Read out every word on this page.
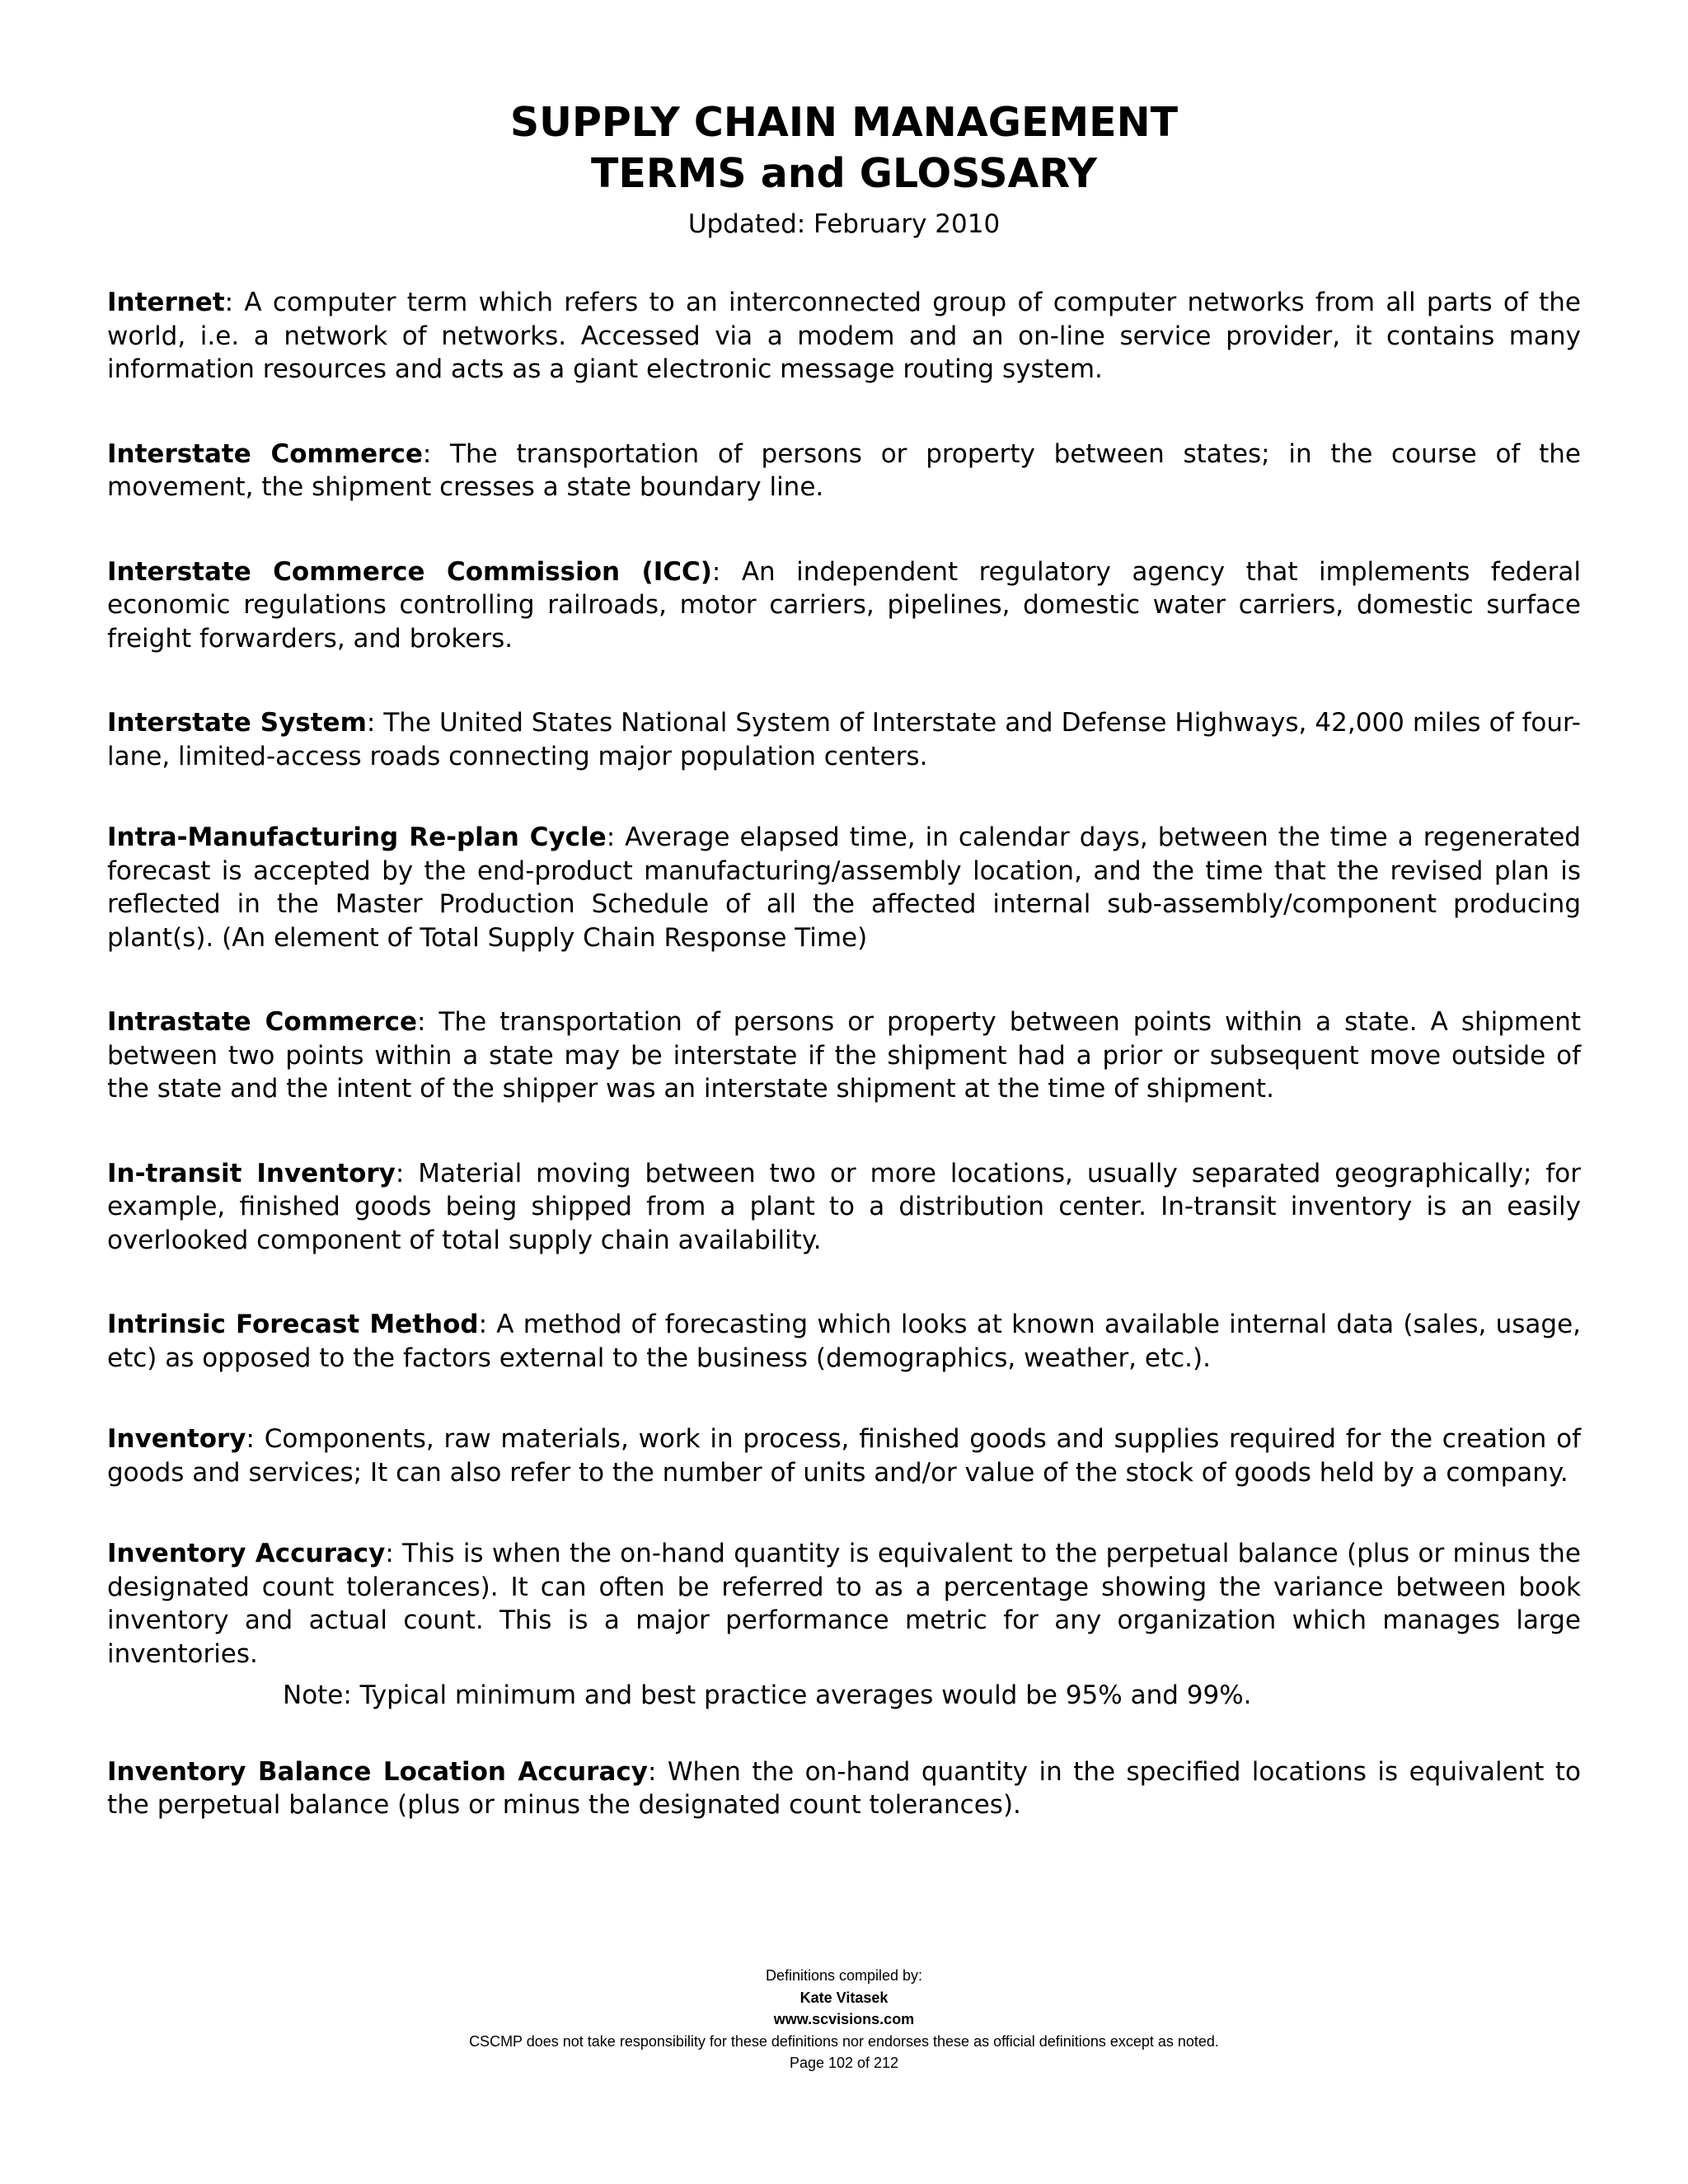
SUPPLY CHAIN MANAGEMENT
TERMS and GLOSSARY
Updated: February 2010

Internet: A computer term which refers to an interconnected group of computer networks from all parts of the world, i.e. a network of networks. Accessed via a modem and an on-line service provider, it contains many information resources and acts as a giant electronic message routing system.

Interstate Commerce: The transportation of persons or property between states; in the course of the movement, the shipment cresses a state boundary line.

Interstate Commerce Commission (ICC): An independent regulatory agency that implements federal economic regulations controlling railroads, motor carriers, pipelines, domestic water carriers, domestic surface freight forwarders, and brokers.

Interstate System: The United States National System of Interstate and Defense Highways, 42,000 miles of four-lane, limited-access roads connecting major population centers.

Intra-Manufacturing Re-plan Cycle: Average elapsed time, in calendar days, between the time a regenerated forecast is accepted by the end-product manufacturing/assembly location, and the time that the revised plan is reflected in the Master Production Schedule of all the affected internal sub-assembly/component producing plant(s). (An element of Total Supply Chain Response Time)

Intrastate Commerce: The transportation of persons or property between points within a state. A shipment between two points within a state may be interstate if the shipment had a prior or subsequent move outside of the state and the intent of the shipper was an interstate shipment at the time of shipment.

In-transit Inventory: Material moving between two or more locations, usually separated geographically; for example, finished goods being shipped from a plant to a distribution center. In-transit inventory is an easily overlooked component of total supply chain availability.

Intrinsic Forecast Method: A method of forecasting which looks at known available internal data (sales, usage, etc) as opposed to the factors external to the business (demographics, weather, etc.).

Inventory: Components, raw materials, work in process, finished goods and supplies required for the creation of goods and services; It can also refer to the number of units and/or value of the stock of goods held by a company.

Inventory Accuracy: This is when the on-hand quantity is equivalent to the perpetual balance (plus or minus the designated count tolerances). It can often be referred to as a percentage showing the variance between book inventory and actual count. This is a major performance metric for any organization which manages large inventories.

Note: Typical minimum and best practice averages would be 95% and 99%.

Inventory Balance Location Accuracy: When the on-hand quantity in the specified locations is equivalent to the perpetual balance (plus or minus the designated count tolerances).

Definitions compiled by:
Kate Vitasek
www.scvisions.com
CSCMP does not take responsibility for these definitions nor endorses these as official definitions except as noted.
Page 102 of 212
